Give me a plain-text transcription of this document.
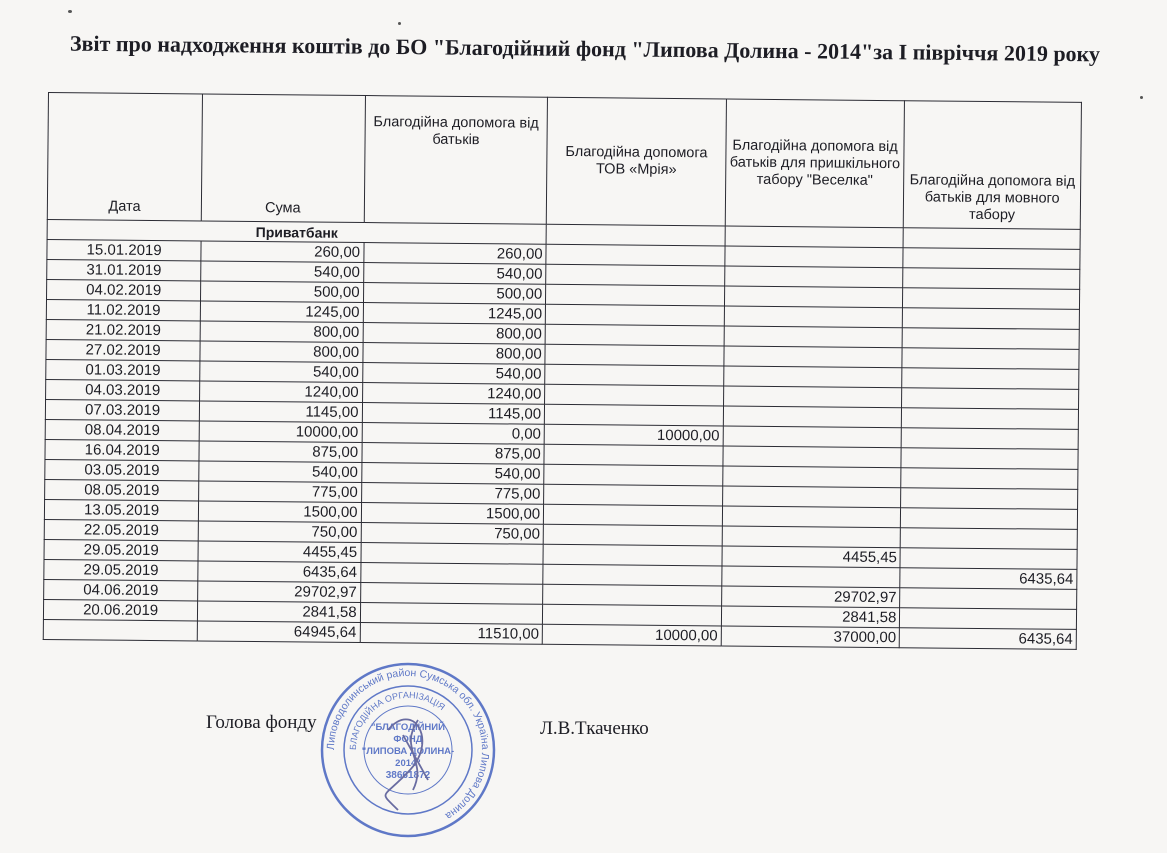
Звіт про надходження коштів до БО "Благодійний фонд "Липова Долина - 2014"за І півріччя 2019 року
Дата	Сума	Благодійна допомога від батьків	Благодійна допомога ТОВ «Мрія»	Благодійна допомога від батьків для пришкільного табору "Веселка"	Благодійна допомога від батьків для мовного табору
Приватбанк					
15.01.2019	260,00	260,00			
31.01.2019	540,00	540,00			
04.02.2019	500,00	500,00			
11.02.2019	1245,00	1245,00			
21.02.2019	800,00	800,00			
27.02.2019	800,00	800,00			
01.03.2019	540,00	540,00			
04.03.2019	1240,00	1240,00			
07.03.2019	1145,00	1145,00			
08.04.2019	10000,00	0,00	10000,00		
16.04.2019	875,00	875,00			
03.05.2019	540,00	540,00			
08.05.2019	775,00	775,00			
13.05.2019	1500,00	1500,00			
22.05.2019	750,00	750,00			
29.05.2019	4455,45			4455,45	
29.05.2019	6435,64				6435,64
04.06.2019	29702,97			29702,97	
20.06.2019	2841,58			2841,58	
	64945,64	11510,00	10000,00	37000,00	6435,64
Голова фонду	Л.В.Ткаченко
Липоводолинський район Сумська обл. Україна Липова Долина
БЛАГОДІЙНА ОРГАНІЗАЦІЯ
"БЛАГОДІЙНИЙ
ФОНД
"ЛИПОВА ДОЛИНА-
2014"
38661872
